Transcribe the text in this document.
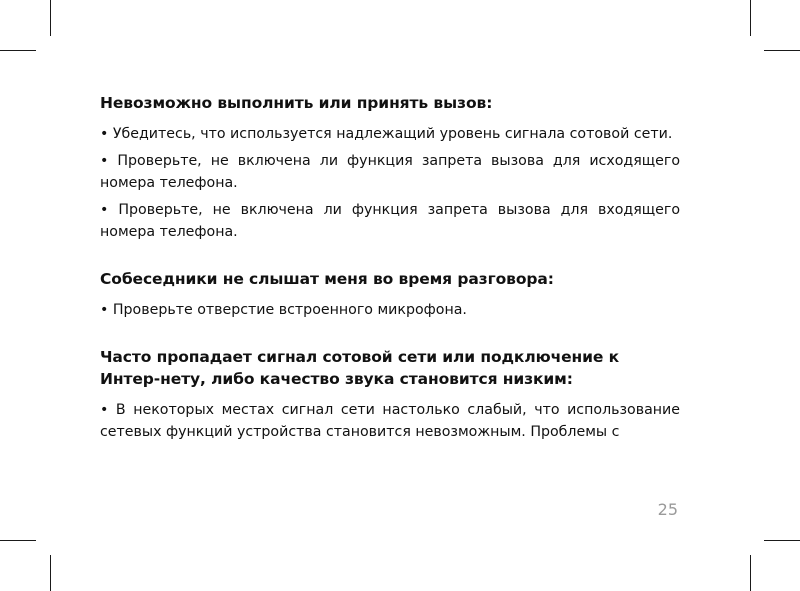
Невозможно выполнить или принять вызов:
• Убедитесь, что используется надлежащий уровень сигнала сотовой сети.
• Проверьте, не включена ли функция запрета вызова для исходящего номера телефона.
• Проверьте, не включена ли функция запрета вызова для входящего номера телефона.
Собеседники не слышат меня во время разговора:
• Проверьте отверстие встроенного микрофона.
Часто пропадает сигнал сотовой сети или подключение к Интер-нету, либо качество звука становится низким:
• В некоторых местах сигнал сети настолько слабый, что использование сетевых функций устройства становится невозможным. Проблемы с
25
